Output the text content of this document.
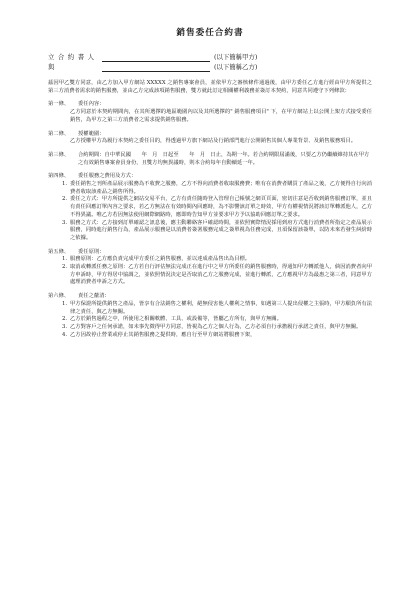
銷售委任合約書
立合約書人	(以下簡稱甲方)
與	(以下簡稱乙方)

茲因甲乙雙方同意，由乙方加入甲方網站 XXXXX 之銷售專案會員，並依甲方之審核條件通過後，由甲方委任乙方進行經由甲方所提供之第三方消費者需求的銷售服務，並由乙方完成該項銷售服務，雙方就此訂定相關權利義務並簽訂本契約，同意共同遵守下列條款：

第一條、	委任內容：
乙方同意於本契約期間內，在其所選擇的地區範圍內以及其所選擇的" 銷售服務項目" 下，在甲方網站上以公開上架方式接受委任銷售，為甲方之第三方消費者之需求提供銷售服務。
第二條、	授權範圍：
乙方授權甲方為履行本契約之委任目的，得透過甲方旗下網站及行銷部門進行公開銷售其個人專業背景、及銷售服務項目。
第三條、	合約期間：自中華民國　　年　月　日起至　　年　月　日止，為期一年。若合約期限屆滿後，只要乙方仍繼續維持其在甲方之有效銷售專案會員身份，且雙方均無異議時，則本合約每年自動續延一年。
第四條、	委任服務之費用及方式：
1. 委任銷售之刊所產品展示服務為不收費之服務，乙方不得向消費者收取服務費；唯有在消費者購買了產品之後，乙方便得自行向消費者收取該產品之銷售所得。
2. 委任之方式：甲方所提供之網站交易平台，乙方有責任隨時登入管理自己帳號之網頁頁面，密切注意是否收到銷售服務訂單，並且有責任回應訂單內容之要求，若乙方無法在有效時間內回應時，為不影響該訂單之時效，甲方有權視情況將該訂單轉派他人，乙方不得異議。唯乙方若因無法使用網際網路時，應即時告知甲方並要求甲方予以協助回應訂單之要求。
3. 服務之方式：乙方接到訂單確認之訊息後，應主動聯絡客戶確認時間，並依照實際情況採用到府方式進行消費者所指定之產品展示服務，同時進行銷售行為，產品展示服務是以消費者簽署服務完成之簽單視為任務完成，且須保留該簽單，以防未來若發生糾紛時之依據。
第五條、	委任原則：
1. 服務原則：乙方應負責完成甲方委任之銷售服務，並以達成產品售出為目標。
2. 取消或轉派任務之原則：乙方若自行評估無法完成正在進行中之甲方所委任的銷售服務時，得通知甲方轉派他人，倘因消費者向甲方申訴時，甲方得居中協調之，並依照情況決定是否取消乙方之服務完成，並進行轉派，乙方應視甲方為最惠之第三者，同意甲方處理消費者申訴之方式。
第六條、	責任之釐清：
1. 甲方保證所提供銷售之產品，皆享有合法銷售之權利，絕無侵害他人權利之情事，如遇第三人提出侵權之主張時，甲方願負所有法律之責任，與乙方無關。
2. 乙方於銷售過程之中，所使用之相關軟體、工具、或設備等，皆屬乙方所有，與甲方無關。
3. 乙方對客戶之任何承諾，如未事先徵得甲方同意，皆視為乙方之個人行為，乙方必須自行承擔履行承諾之責任，與甲方無關。
4. 乙方因故停止營業或停止其銷售服務之提供時，應自行至甲方網站將服務下架，
